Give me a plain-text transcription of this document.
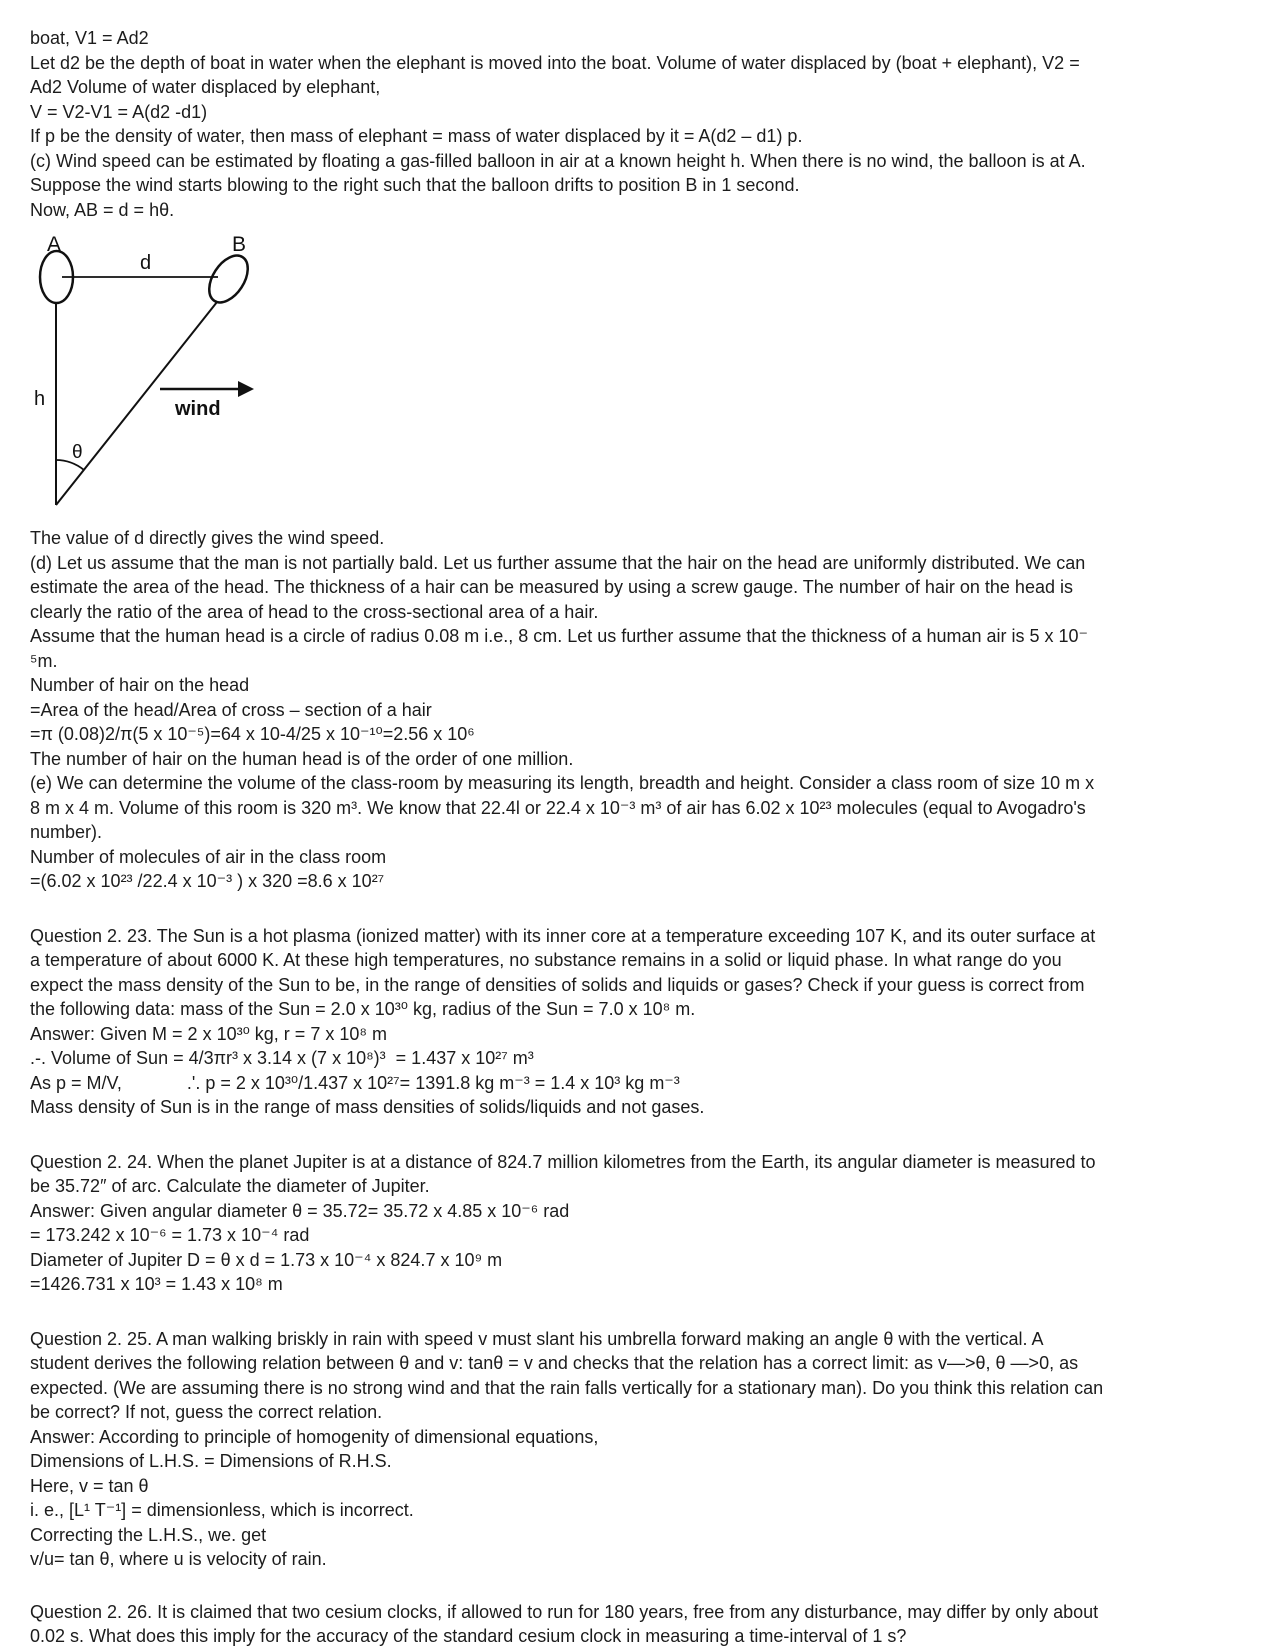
boat, V1 = Ad2
Let d2 be the depth of boat in water when the elephant is moved into the boat. Volume of water displaced by (boat + elephant), V2 =
Ad2 Volume of water displaced by elephant,
V = V2-V1 = A(d2 -d1)
If p be the density of water, then mass of elephant = mass of water displaced by it = A(d2 – d1) p.
(c) Wind speed can be estimated by floating a gas-filled balloon in air at a known height h. When there is no wind, the balloon is at A.
Suppose the wind starts blowing to the right such that the balloon drifts to position B in 1 second.
Now, AB = d = hθ.
A	B
d
h
θ
wind
The value of d directly gives the wind speed.
(d) Let us assume that the man is not partially bald. Let us further assume that the hair on the head are uniformly distributed. We can
estimate the area of the head. The thickness of a hair can be measured by using a screw gauge. The number of hair on the head is
clearly the ratio of the area of head to the cross-sectional area of a hair.
Assume that the human head is a circle of radius 0.08 m i.e., 8 cm. Let us further assume that the thickness of a human air is 5 x 10⁻
⁵m.
Number of hair on the head
=Area of the head/Area of cross – section of a hair
=π (0.08)2/π(5 x 10⁻⁵)=64 x 10-4/25 x 10⁻¹⁰=2.56 x 10⁶
The number of hair on the human head is of the order of one million.
(e) We can determine the volume of the class-room by measuring its length, breadth and height. Consider a class room of size 10 m x
8 m x 4 m. Volume of this room is 320 m³. We know that 22.4l or 22.4 x 10⁻³ m³ of air has 6.02 x 10²³ molecules (equal to Avogadro's
number).
Number of molecules of air in the class room
=(6.02 x 10²³ /22.4 x 10⁻³ ) x 320 =8.6 x 10²⁷
Question 2. 23. The Sun is a hot plasma (ionized matter) with its inner core at a temperature exceeding 107 K, and its outer surface at
a temperature of about 6000 K. At these high temperatures, no substance remains in a solid or liquid phase. In what range do you
expect the mass density of the Sun to be, in the range of densities of solids and liquids or gases? Check if your guess is correct from
the following data: mass of the Sun = 2.0 x 10³⁰ kg, radius of the Sun = 7.0 x 10⁸ m.
Answer: Given M = 2 x 10³⁰ kg, r = 7 x 10⁸ m
.-. Volume of Sun = 4/3πr³ x 3.14 x (7 x 10⁸)³  = 1.437 x 10²⁷ m³
As p = M/V,             .'. p = 2 x 10³⁰/1.437 x 10²⁷= 1391.8 kg m⁻³ = 1.4 x 10³ kg m⁻³
Mass density of Sun is in the range of mass densities of solids/liquids and not gases.
Question 2. 24. When the planet Jupiter is at a distance of 824.7 million kilometres from the Earth, its angular diameter is measured to
be 35.72″ of arc. Calculate the diameter of Jupiter.
Answer: Given angular diameter θ = 35.72= 35.72 x 4.85 x 10⁻⁶ rad
= 173.242 x 10⁻⁶ = 1.73 x 10⁻⁴ rad
Diameter of Jupiter D = θ x d = 1.73 x 10⁻⁴ x 824.7 x 10⁹ m
=1426.731 x 10³ = 1.43 x 10⁸ m
Question 2. 25. A man walking briskly in rain with speed v must slant his umbrella forward making an angle θ with the vertical. A
student derives the following relation between θ and v: tanθ = v and checks that the relation has a correct limit: as v—>θ, θ —>0, as
expected. (We are assuming there is no strong wind and that the rain falls vertically for a stationary man). Do you think this relation can
be correct? If not, guess the correct relation.
Answer: According to principle of homogenity of dimensional equations,
Dimensions of L.H.S. = Dimensions of R.H.S.
Here, v = tan θ
i. e., [L¹ T⁻¹] = dimensionless, which is incorrect.
Correcting the L.H.S., we. get
v/u= tan θ, where u is velocity of rain.
Question 2. 26. It is claimed that two cesium clocks, if allowed to run for 180 years, free from any disturbance, may differ by only about
0.02 s. What does this imply for the accuracy of the standard cesium clock in measuring a time-interval of 1 s?
